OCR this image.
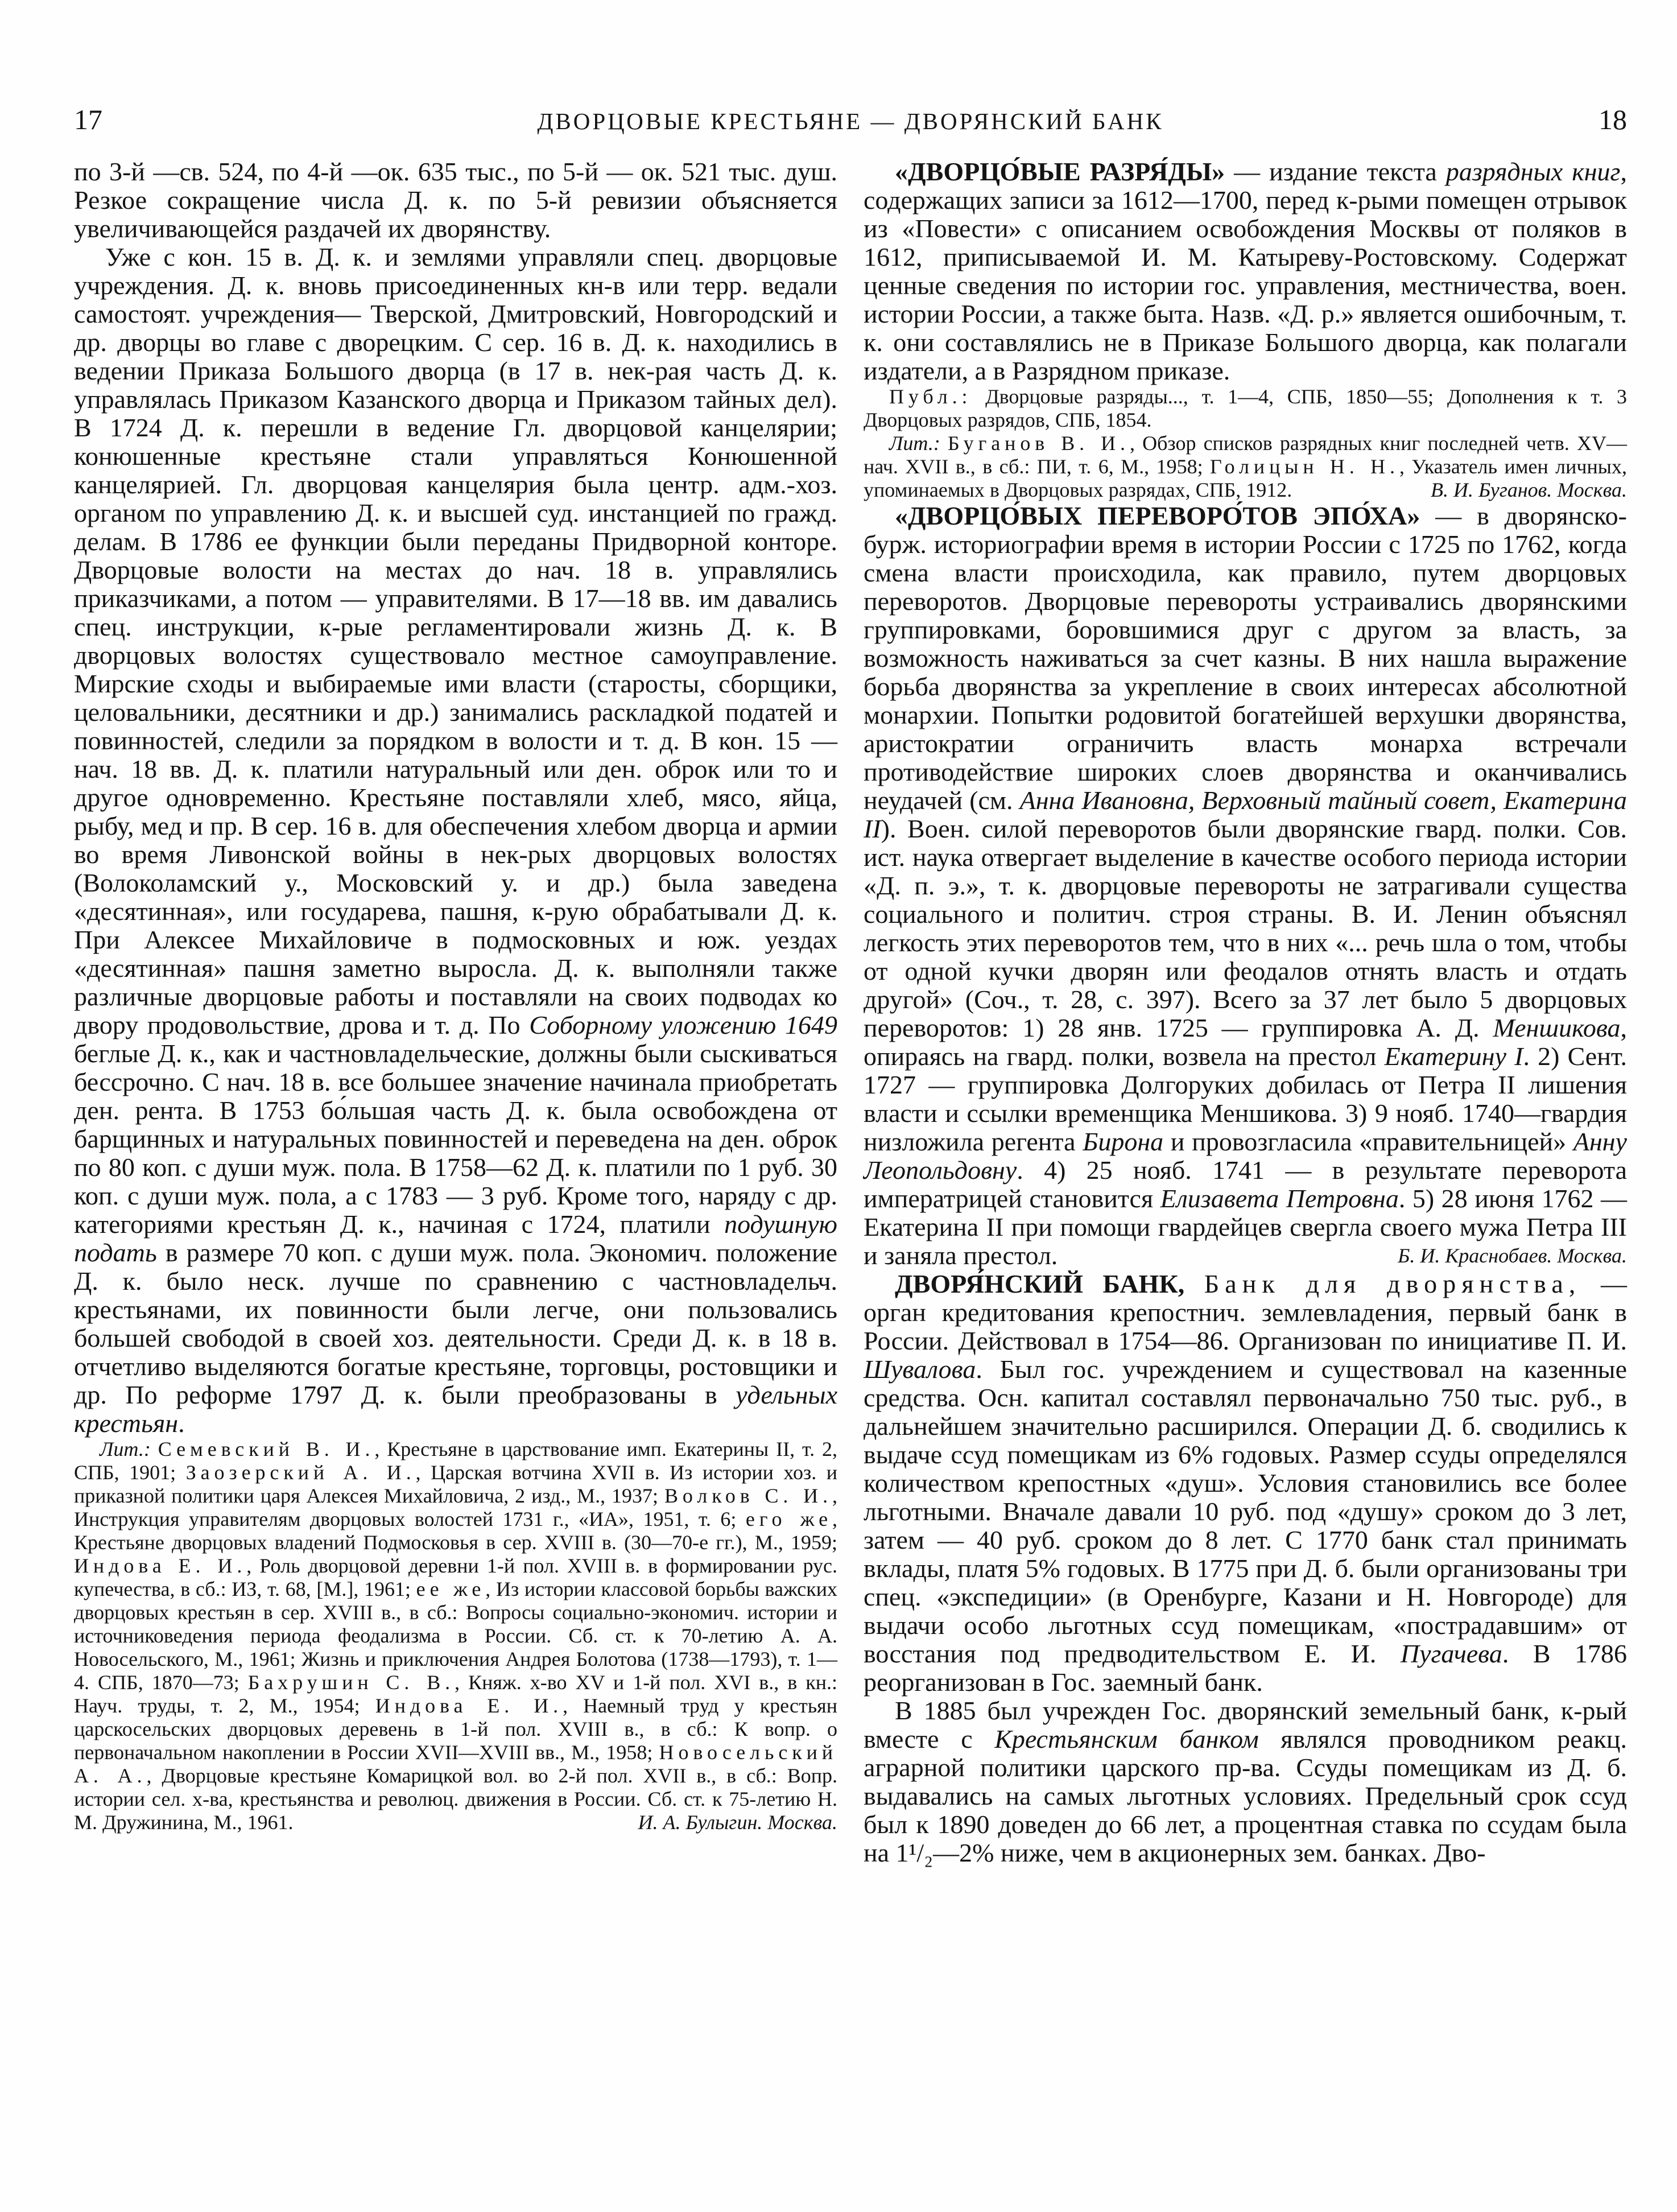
17	ДВОРЦОВЫЕ КРЕСТЬЯНЕ — ДВОРЯНСКИЙ БАНК	18

по 3-й —св. 524, по 4-й —ок. 635 тыс., по 5-й — ок. 521 тыс. душ. Резкое сокращение числа Д. к. по 5-й ревизии объясняется увеличивающейся раздачей их дворянству.

Уже с кон. 15 в. Д. к. и землями управляли спец. дворцовые учреждения. Д. к. вновь присоединенных кн-в или терр. ведали самостоят. учреждения— Тверской, Дмитровский, Новгородский и др. дворцы во главе с дворецким. С сер. 16 в. Д. к. находились в ведении Приказа Большого дворца (в 17 в. нек-рая часть Д. к. управлялась Приказом Казанского дворца и Приказом тайных дел). В 1724 Д. к. перешли в ведение Гл. дворцовой канцелярии; конюшенные крестьяне стали управляться Конюшенной канцелярией. Гл. дворцовая канцелярия была центр. адм.-хоз. органом по управлению Д. к. и высшей суд. инстанцией по гражд. делам. В 1786 ее функции были переданы Придворной конторе. Дворцовые волости на местах до нач. 18 в. управлялись приказчиками, а потом — управителями. В 17—18 вв. им давались спец. инструкции, к-рые регламентировали жизнь Д. к. В дворцовых волостях существовало местное самоуправление. Мирские сходы и выбираемые ими власти (старосты, сборщики, целовальники, десятники и др.) занимались раскладкой податей и повинностей, следили за порядком в волости и т. д. В кон. 15 — нач. 18 вв. Д. к. платили натуральный или ден. оброк или то и другое одновременно. Крестьяне поставляли хлеб, мясо, яйца, рыбу, мед и пр. В сер. 16 в. для обеспечения хлебом дворца и армии во время Ливонской войны в нек-рых дворцовых волостях (Волоколамский у., Московский у. и др.) была заведена «десятинная», или государева, пашня, к-рую обрабатывали Д. к. При Алексее Михайловиче в подмосковных и юж. уездах «десятинная» пашня заметно выросла. Д. к. выполняли также различные дворцовые работы и поставляли на своих подводах ко двору продовольствие, дрова и т. д. По Соборному уложению 1649 беглые Д. к., как и частновладельческие, должны были сыскиваться бессрочно. С нач. 18 в. все большее значение начинала приобретать ден. рента. В 1753 бо́льшая часть Д. к. была освобождена от барщинных и натуральных повинностей и переведена на ден. оброк по 80 коп. с души муж. пола. В 1758—62 Д. к. платили по 1 руб. 30 коп. с души муж. пола, а с 1783 — 3 руб. Кроме того, наряду с др. категориями крестьян Д. к., начиная с 1724, платили подушную подать в размере 70 коп. с души муж. пола. Экономич. положение Д. к. было неск. лучше по сравнению с частновладельч. крестьянами, их повинности были легче, они пользовались большей свободой в своей хоз. деятельности. Среди Д. к. в 18 в. отчетливо выделяются богатые крестьяне, торговцы, ростовщики и др. По реформе 1797 Д. к. были преобразованы в удельных крестьян.

Лит.: Семевский В. И., Крестьяне в царствование имп. Екатерины II, т. 2, СПБ, 1901; Заозерский А. И., Царская вотчина XVII в. Из истории хоз. и приказной политики царя Алексея Михайловича, 2 изд., М., 1937; Волков С. И., Инструкция управителям дворцовых волостей 1731 г., «ИА», 1951, т. 6; его же, Крестьяне дворцовых владений Подмосковья в сер. XVIII в. (30—70-е гг.), М., 1959; Индова Е. И., Роль дворцовой деревни 1-й пол. XVIII в. в формировании рус. купечества, в сб.: ИЗ, т. 68, [М.], 1961; ее же, Из истории классовой борьбы важских дворцовых крестьян в сер. XVIII в., в сб.: Вопросы социально-экономич. истории и источниковедения периода феодализма в России. Сб. ст. к 70-летию А. А. Новосельского, М., 1961; Жизнь и приключения Андрея Болотова (1738—1793), т. 1—4. СПБ, 1870—73; Бахрушин С. В., Княж. х-во XV и 1-й пол. XVI в., в кн.: Науч. труды, т. 2, М., 1954; Индова Е. И., Наемный труд у крестьян царскосельских дворцовых деревень в 1-й пол. XVIII в., в сб.: К вопр. о первоначальном накоплении в России XVII—XVIII вв., М., 1958; Новосельский А. А., Дворцовые крестьяне Комарицкой вол. во 2-й пол. XVII в., в сб.: Вопр. истории сел. х-ва, крестьянства и революц. движения в России. Сб. ст. к 75-летию Н. М. Дружинина, М., 1961.	И. А. Булыгин. Москва.

«ДВОРЦО́ВЫЕ РАЗРЯ́ДЫ» — издание текста разрядных книг, содержащих записи за 1612—1700, перед к-рыми помещен отрывок из «Повести» с описанием освобождения Москвы от поляков в 1612, приписываемой И. М. Катыреву-Ростовскому. Содержат ценные сведения по истории гос. управления, местничества, воен. истории России, а также быта. Назв. «Д. р.» является ошибочным, т. к. они составлялись не в Приказе Большого дворца, как полагали издатели, а в Разрядном приказе.

Публ.: Дворцовые разряды..., т. 1—4, СПБ, 1850—55; Дополнения к т. 3 Дворцовых разрядов, СПБ, 1854.

Лит.: Буганов В. И., Обзор списков разрядных книг последней четв. XV—нач. XVII в., в сб.: ПИ, т. 6, М., 1958; Голицын Н. Н., Указатель имен личных, упоминаемых в Дворцовых разрядах, СПБ, 1912.	В. И. Буганов. Москва.

«ДВОРЦО́ВЫХ ПЕРЕВОРО́ТОВ ЭПО́ХА» — в дворянско-бурж. историографии время в истории России с 1725 по 1762, когда смена власти происходила, как правило, путем дворцовых переворотов. Дворцовые перевороты устраивались дворянскими группировками, боровшимися друг с другом за власть, за возможность наживаться за счет казны. В них нашла выражение борьба дворянства за укрепление в своих интересах абсолютной монархии. Попытки родовитой богатейшей верхушки дворянства, аристократии ограничить власть монарха встречали противодействие широких слоев дворянства и оканчивались неудачей (см. Анна Ивановна, Верховный тайный совет, Екатерина II). Воен. силой переворотов были дворянские гвард. полки. Сов. ист. наука отвергает выделение в качестве особого периода истории «Д. п. э.», т. к. дворцовые перевороты не затрагивали существа социального и политич. строя страны. В. И. Ленин объяснял легкость этих переворотов тем, что в них «... речь шла о том, чтобы от одной кучки дворян или феодалов отнять власть и отдать другой» (Соч., т. 28, с. 397). Всего за 37 лет было 5 дворцовых переворотов: 1) 28 янв. 1725 — группировка А. Д. Меншикова, опираясь на гвард. полки, возвела на престол Екатерину I. 2) Сент. 1727 — группировка Долгоруких добилась от Петра II лишения власти и ссылки временщика Меншикова. 3) 9 нояб. 1740—гвардия низложила регента Бирона и провозгласила «правительницей» Анну Леопольдовну. 4) 25 нояб. 1741 — в результате переворота императрицей становится Елизавета Петровна. 5) 28 июня 1762 — Екатерина II при помощи гвардейцев свергла своего мужа Петра III и заняла престол.	Б. И. Краснобаев. Москва.

ДВОРЯ́НСКИЙ БАНК, Банк для дворянства, — орган кредитования крепостнич. землевладения, первый банк в России. Действовал в 1754—86. Организован по инициативе П. И. Шувалова. Был гос. учреждением и существовал на казенные средства. Осн. капитал составлял первоначально 750 тыс. руб., в дальнейшем значительно расширился. Операции Д. б. сводились к выдаче ссуд помещикам из 6% годовых. Размер ссуды определялся количеством крепостных «душ». Условия становились все более льготными. Вначале давали 10 руб. под «душу» сроком до 3 лет, затем — 40 руб. сроком до 8 лет. С 1770 банк стал принимать вклады, платя 5% годовых. В 1775 при Д. б. были организованы три спец. «экспедиции» (в Оренбурге, Казани и Н. Новгороде) для выдачи особо льготных ссуд помещикам, «пострадавшим» от восстания под предводительством Е. И. Пугачева. В 1786 реорганизован в Гос. заемный банк.

В 1885 был учрежден Гос. дворянский земельный банк, к-рый вместе с Крестьянским банком являлся проводником реакц. аграрной политики царского пр-ва. Ссуды помещикам из Д. б. выдавались на самых льготных условиях. Предельный срок ссуд был к 1890 доведен до 66 лет, а процентная ставка по ссудам была на 1¹/₂—2% ниже, чем в акционерных зем. банках. Дво-
